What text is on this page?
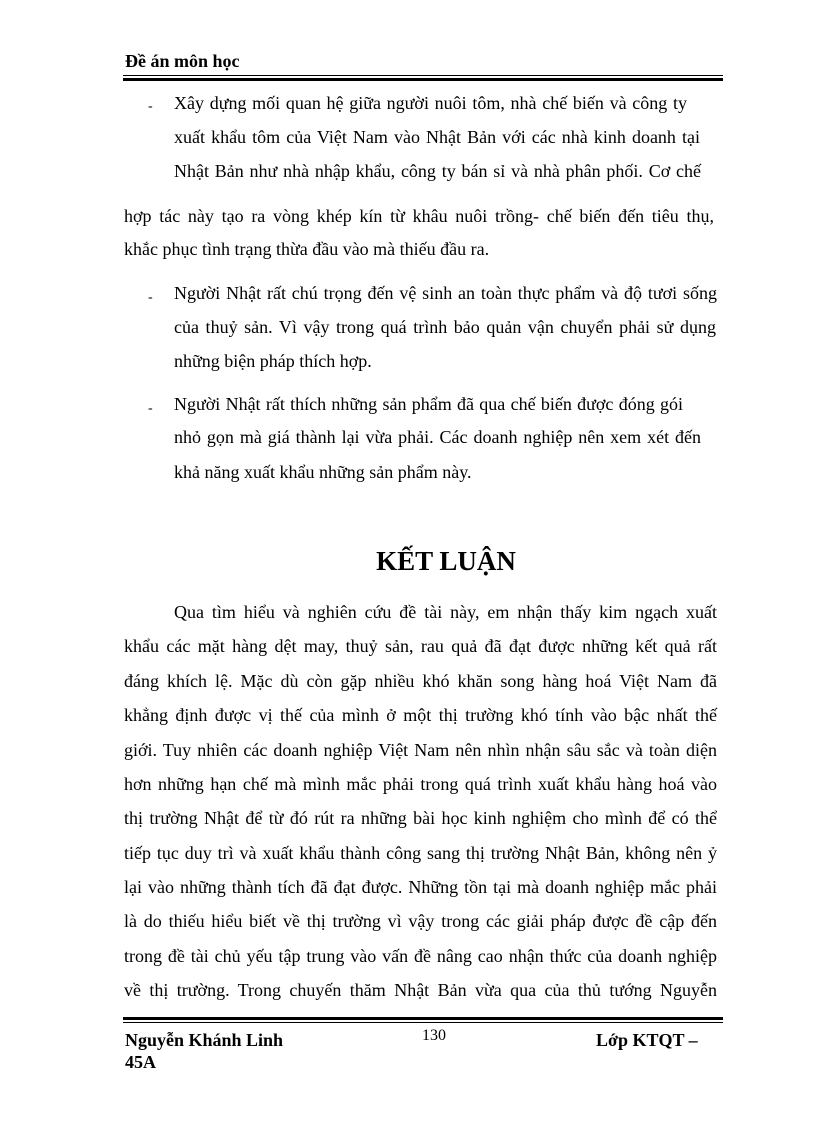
Đề án môn học
- Xây dựng mối quan hệ giữa người nuôi tôm, nhà chế biến và công ty
xuất khẩu tôm của Việt Nam vào Nhật Bản với các nhà kinh doanh tại
Nhật Bản như nhà nhập khẩu, công ty bán sỉ và nhà phân phối. Cơ chế
hợp tác này tạo ra vòng khép kín từ khâu nuôi trồng- chế biến đến tiêu thụ,
khắc phục tình trạng thừa đầu vào mà thiếu đầu ra.
- Người Nhật rất chú trọng đến vệ sinh an toàn thực phẩm và độ tươi sống
của thuỷ sản. Vì vậy trong quá trình bảo quản vận chuyển phải sử dụng
những biện pháp thích hợp.
- Người Nhật rất thích những sản phẩm đã qua chế biến được đóng gói
nhỏ gọn mà giá thành lại vừa phải. Các doanh nghiệp nên xem xét đến
khả năng xuất khẩu những sản phẩm này.
KẾT LUẬN
Qua tìm hiểu và nghiên cứu đề tài này, em nhận thấy kim ngạch xuất
khẩu các mặt hàng dệt may, thuỷ sản, rau quả đã đạt được những kết quả rất
đáng khích lệ. Mặc dù còn gặp nhiều khó khăn song hàng hoá Việt Nam đã
khẳng định được vị thế của mình ở một thị trường khó tính vào bậc nhất thế
giới. Tuy nhiên các doanh nghiệp Việt Nam nên nhìn nhận sâu sắc và toàn diện
hơn những hạn chế mà mình mắc phải trong quá trình xuất khẩu hàng hoá vào
thị trường Nhật để từ đó rút ra những bài học kinh nghiệm cho mình để có thể
tiếp tục duy trì và xuất khẩu thành công sang thị trường Nhật Bản, không nên ỷ
lại vào những thành tích đã đạt được. Những tồn tại mà doanh nghiệp mắc phải
là do thiếu hiểu biết về thị trường vì vậy trong các giải pháp được đề cập đến
trong đề tài chủ yếu tập trung vào vấn đề nâng cao nhận thức của doanh nghiệp
về thị trường. Trong chuyến thăm Nhật Bản vừa qua của thủ tướng Nguyễn
Nguyễn Khánh Linh
45A
130	Lớp KTQT –
